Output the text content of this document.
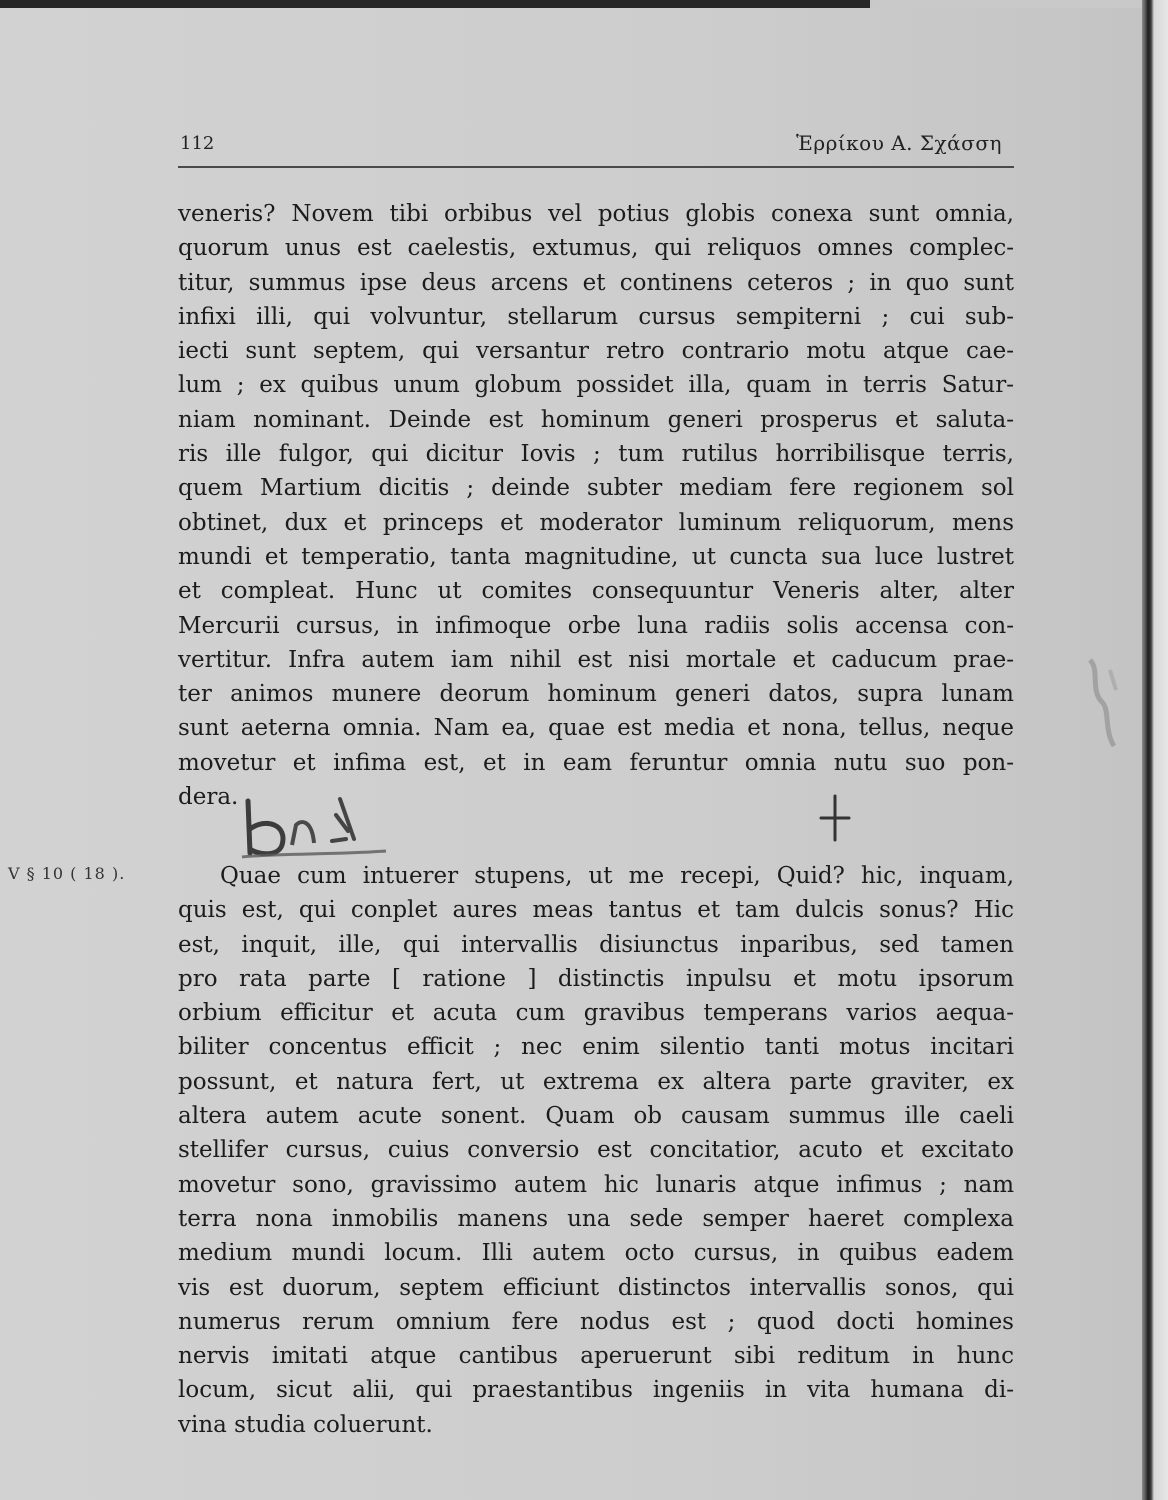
112	Ἑρρίκου Α. Σχάσση

veneris? Novem tibi orbibus vel potius globis conexa sunt omnia,

quorum unus est caelestis, extumus, qui reliquos omnes complec-

titur, summus ipse deus arcens et continens ceteros ; in quo sunt

infixi illi, qui volvuntur, stellarum cursus sempiterni ; cui sub-

iecti sunt septem, qui versantur retro contrario motu atque cae-

lum ; ex quibus unum globum possidet illa, quam in terris Satur-

niam nominant. Deinde est hominum generi prosperus et saluta-

ris ille fulgor, qui dicitur Iovis ; tum rutilus horribilisque terris,

quem Martium dicitis ; deinde subter mediam fere regionem sol

obtinet, dux et princeps et moderator luminum reliquorum, mens

mundi et temperatio, tanta magnitudine, ut cuncta sua luce lustret

et compleat. Hunc ut comites consequuntur Veneris alter, alter

Mercurii cursus, in infimoque orbe luna radiis solis accensa con-

vertitur. Infra autem iam nihil est nisi mortale et caducum prae-

ter animos munere deorum hominum generi datos, supra lunam

sunt aeterna omnia. Nam ea, quae est media et nona, tellus, neque

movetur et infima est, et in eam feruntur omnia nutu suo pon-

dera.

V § 10 ( 18 ).	Quae cum intuerer stupens, ut me recepi, Quid? hic, inquam,

quis est, qui conplet aures meas tantus et tam dulcis sonus? Hic

est, inquit, ille, qui intervallis disiunctus inparibus, sed tamen

pro rata parte [ ratione ] distinctis inpulsu et motu ipsorum

orbium efficitur et acuta cum gravibus temperans varios aequa-

biliter concentus efficit ; nec enim silentio tanti motus incitari

possunt, et natura fert, ut extrema ex altera parte graviter, ex

altera autem acute sonent. Quam ob causam summus ille caeli

stellifer cursus, cuius conversio est concitatior, acuto et excitato

movetur sono, gravissimo autem hic lunaris atque infimus ; nam

terra nona inmobilis manens una sede semper haeret complexa

medium mundi locum. Illi autem octo cursus, in quibus eadem

vis est duorum, septem efficiunt distinctos intervallis sonos, qui

numerus rerum omnium fere nodus est ; quod docti homines

nervis imitati atque cantibus aperuerunt sibi reditum in hunc

locum, sicut alii, qui praestantibus ingeniis in vita humana di-

vina studia coluerunt.
